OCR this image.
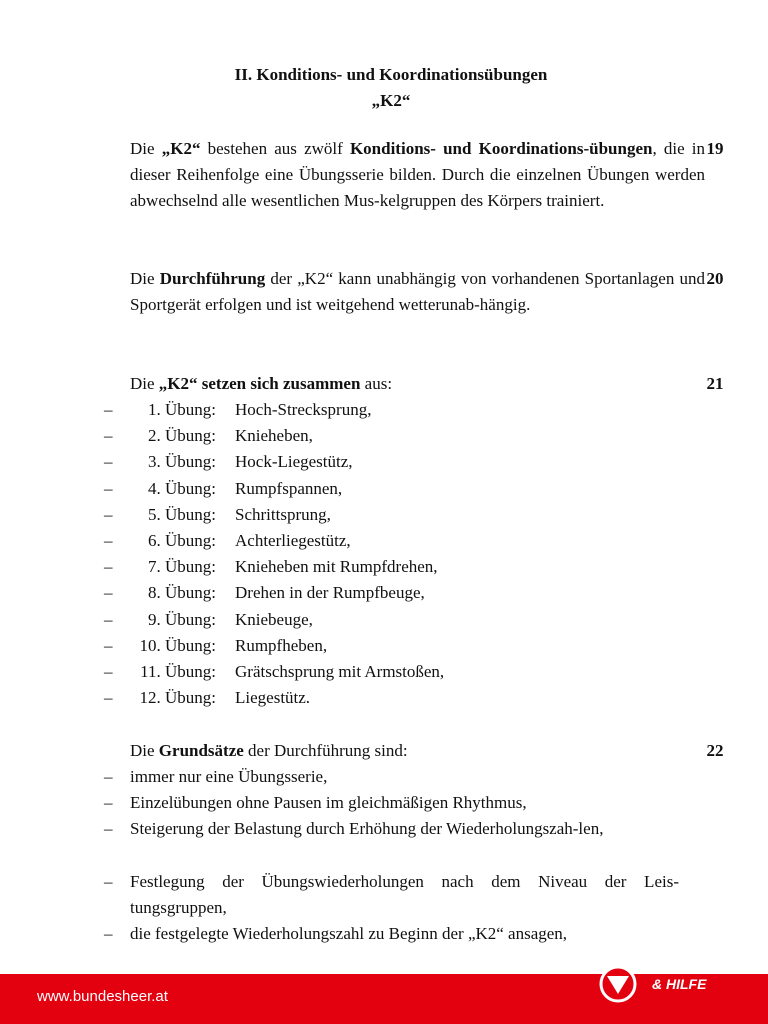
II. Konditions- und Koordinationsübungen
„K2“
19
Die „K2“ bestehen aus zwölf Konditions- und Koordinations-übungen, die in dieser Reihenfolge eine Übungsserie bilden. Durch die einzelnen Übungen werden abwechselnd alle wesentlichen Mus-kelgruppen des Körpers trainiert.
20
Die Durchführung der „K2“ kann unabhängig von vorhandenen Sportanlagen und Sportgerät erfolgen und ist weitgehend wetterunab-hängig.
21
Die „K2“ setzen sich zusammen aus:
–	1. Übung: Hoch-Strecksprung,
–	2. Übung: Knieheben,
–	3. Übung: Hock-Liegestütz,
–	4. Übung: Rumpfspannen,
–	5. Übung: Schrittsprung,
–	6. Übung: Achterliegestütz,
–	7. Übung: Knieheben mit Rumpfdrehen,
–	8. Übung: Drehen in der Rumpfbeuge,
–	9. Übung: Kniebeuge,
–	10. Übung: Rumpfheben,
–	11. Übung: Grätschsprung mit Armstoßen,
–	12. Übung: Liegestütz.
22
Die Grundsätze der Durchführung sind:
– immer nur eine Übungsserie,
– Einzelübungen ohne Pausen im gleichmäßigen Rhythmus,
– Steigerung der Belastung durch Erhöhung der Wiederholungszah-len,
– Festlegung der Übungswiederholungen nach dem Niveau der Leis-tungsgruppen,
– die festgelegte Wiederholungszahl zu Beginn der „K2“ ansagen,
www.bundesheer.at
SCHUTZ
& HILFE
